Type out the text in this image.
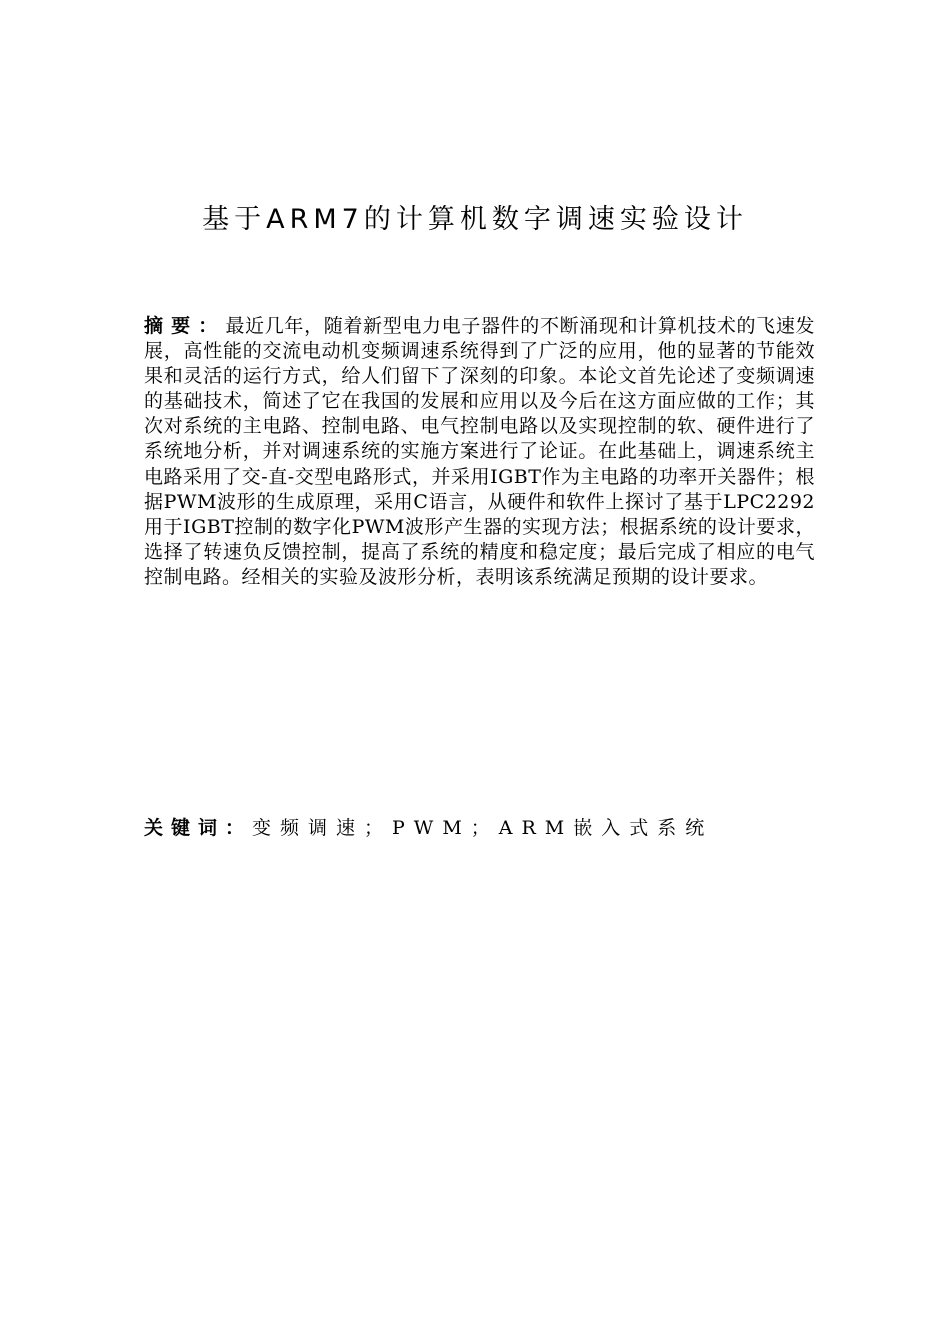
基于ARM7的计算机数字调速实验设计
摘要：最近几年，随着新型电力电子器件的不断涌现和计算机技术的飞速发展，高性能的交流电动机变频调速系统得到了广泛的应用，他的显著的节能效果和灵活的运行方式，给人们留下了深刻的印象。本论文首先论述了变频调速的基础技术，简述了它在我国的发展和应用以及今后在这方面应做的工作；其次对系统的主电路、控制电路、电气控制电路以及实现控制的软、硬件进行了系统地分析，并对调速系统的实施方案进行了论证。在此基础上，调速系统主电路采用了交-直-交型电路形式，并采用IGBT作为主电路的功率开关器件；根据PWM波形的生成原理，采用C语言，从硬件和软件上探讨了基于LPC2292用于IGBT控制的数字化PWM波形产生器的实现方法；根据系统的设计要求，选择了转速负反馈控制，提高了系统的精度和稳定度；最后完成了相应的电气控制电路。经相关的实验及波形分析，表明该系统满足预期的设计要求。
关键词：变频调速；PWM；ARM嵌入式系统
